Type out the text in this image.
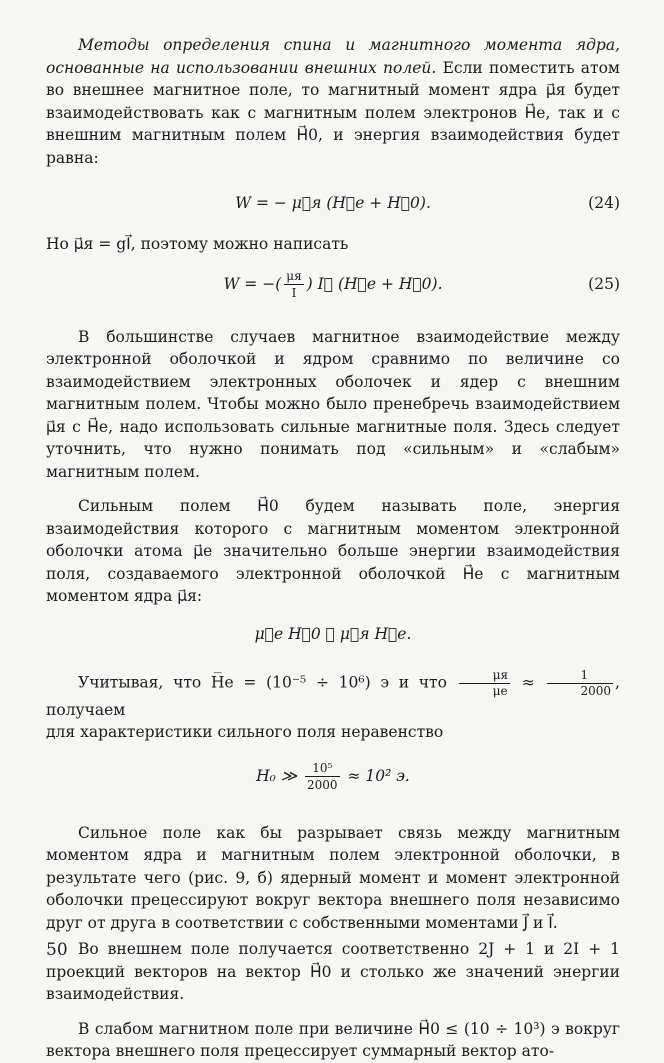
Методы определения спина и магнитного момента ядра, основанные на использовании внешних полей. Если поместить атом во внешнее магнитное поле, то магнитный момент ядра μ⃗я будет взаимодействовать как с магнитным полем электронов H⃗e, так и с внешним магнитным полем H⃗0, и энергия взаимодействия будет равна:

W = − μ⃗я (H⃗e + H⃗0).	(24)

Но μ⃗я = gI⃗, поэтому можно написать

W = −( $\frac{\mu я}{I}$ ) I⃗ (H⃗e + H⃗0).	(25)

В большинстве случаев магнитное взаимодействие между электронной оболочкой и ядром сравнимо по величине со взаимодействием электронных оболочек и ядер с внешним магнитным полем. Чтобы можно было пренебречь взаимодействием μ⃗я с H⃗e, надо использовать сильные магнитные поля. Здесь следует уточнить, что нужно понимать под «сильным» и «слабым» магнитным полем.

Сильным полем H⃗0 будем называть поле, энергия взаимодействия которого с магнитным моментом электронной оболочки атома μ⃗e значительно больше энергии взаимодействия поля, создаваемого электронной оболочкой H⃗e с магнитным моментом ядра μ⃗я:

μ⃗e H⃗0 ≫ μ⃗я H⃗e.

Учитывая, что H̅e = (10⁻⁵ ÷ 10⁶) э и что $\frac{\mu я}{\mu e} \approx \frac{1}{2000}$ , получаем

для характеристики сильного поля неравенство

H₀ ≫ $\frac{\text{10⁵}}{2000} \approx 10^2$ э.

Сильное поле как бы разрывает связь между магнитным моментом ядра и магнитным полем электронной оболочки, в результате чего (рис. 9, б) ядерный момент и момент электронной оболочки прецессируют вокруг вектора внешнего поля независимо друг от друга в соответствии с собственными моментами J⃗ и I⃗.

Во внешнем поле получается соответственно 2J + 1 и 2I + 1 проекций векторов на вектор H⃗0 и столько же значений энергии взаимодействия.

В слабом магнитном поле при величине H⃗0 ≤ (10 ÷ 10³) э вокруг вектора внешнего поля прецессирует суммарный вектор ато-

50
